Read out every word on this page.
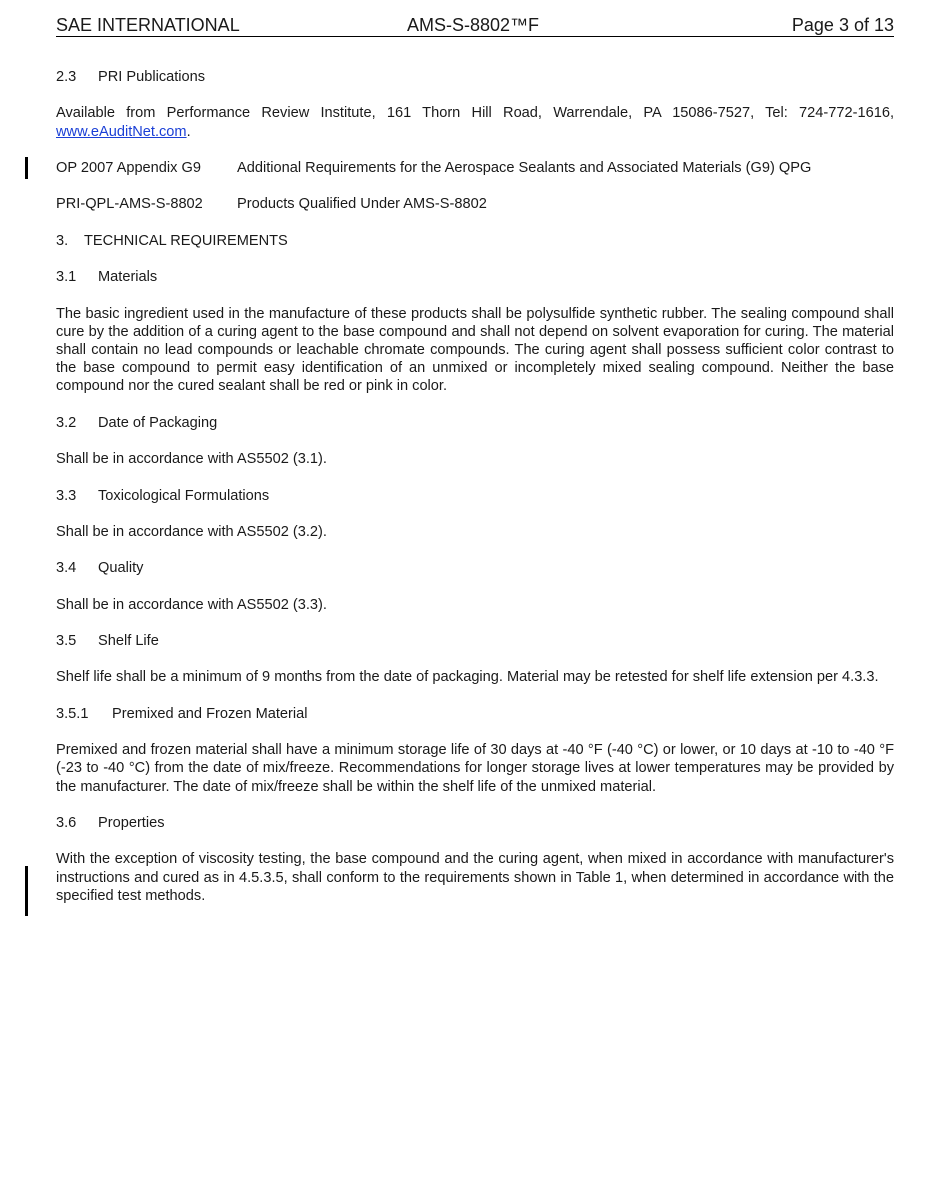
SAE INTERNATIONAL	AMS-S-8802™F	Page 3 of 13

2.3 PRI Publications

Available from Performance Review Institute, 161 Thorn Hill Road, Warrendale, PA 15086-7527, Tel: 724-772-1616, www.eAuditNet.com.

OP 2007 Appendix G9 Additional Requirements for the Aerospace Sealants and Associated Materials (G9) QPG

PRI-QPL-AMS-S-8802 Products Qualified Under AMS-S-8802

3. TECHNICAL REQUIREMENTS

3.1 Materials

The basic ingredient used in the manufacture of these products shall be polysulfide synthetic rubber. The sealing compound shall cure by the addition of a curing agent to the base compound and shall not depend on solvent evaporation for curing. The material shall contain no lead compounds or leachable chromate compounds. The curing agent shall possess sufficient color contrast to the base compound to permit easy identification of an unmixed or incompletely mixed sealing compound. Neither the base compound nor the cured sealant shall be red or pink in color.

3.2 Date of Packaging

Shall be in accordance with AS5502 (3.1).

3.3 Toxicological Formulations

Shall be in accordance with AS5502 (3.2).

3.4 Quality

Shall be in accordance with AS5502 (3.3).

3.5 Shelf Life

Shelf life shall be a minimum of 9 months from the date of packaging. Material may be retested for shelf life extension per 4.3.3.

3.5.1 Premixed and Frozen Material

Premixed and frozen material shall have a minimum storage life of 30 days at -40 °F (-40 °C) or lower, or 10 days at -10 to -40 °F (-23 to -40 °C) from the date of mix/freeze. Recommendations for longer storage lives at lower temperatures may be provided by the manufacturer. The date of mix/freeze shall be within the shelf life of the unmixed material.

3.6 Properties

With the exception of viscosity testing, the base compound and the curing agent, when mixed in accordance with manufacturer's instructions and cured as in 4.5.3.5, shall conform to the requirements shown in Table 1, when determined in accordance with the specified test methods.
